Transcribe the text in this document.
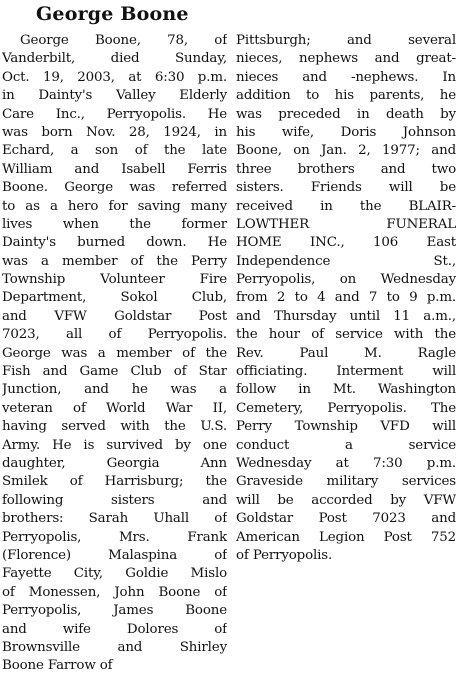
George Boone
George Boone, 78, of
Vanderbilt, died Sunday,
Oct. 19, 2003, at 6:30 p.m.
in Dainty's Valley Elderly
Care Inc., Perryopolis. He
was born Nov. 28, 1924, in
Echard, a son of the late
William and Isabell Ferris
Boone. George was referred
to as a hero for saving many
lives when the former
Dainty's burned down. He
was a member of the Perry
Township Volunteer Fire
Department, Sokol Club,
and VFW Goldstar Post
7023, all of Perryopolis.
George was a member of the
Fish and Game Club of Star
Junction, and he was a
veteran of World War II,
having served with the U.S.
Army. He is survived by one
daughter, Georgia Ann
Smilek of Harrisburg; the
following sisters and
brothers: Sarah Uhall of
Perryopolis, Mrs. Frank
(Florence) Malaspina of
Fayette City, Goldie Mislo
of Monessen, John Boone of
Perryopolis, James Boone
and wife Dolores of
Brownsville and Shirley
Boone Farrow of
Pittsburgh; and several
nieces, nephews and great-
nieces and -nephews. In
addition to his parents, he
was preceded in death by
his wife, Doris Johnson
Boone, on Jan. 2, 1977; and
three brothers and two
sisters. Friends will be
received in the BLAIR-
LOWTHER FUNERAL
HOME INC., 106 East
Independence St.,
Perryopolis, on Wednesday
from 2 to 4 and 7 to 9 p.m.
and Thursday until 11 a.m.,
the hour of service with the
Rev. Paul M. Ragle
officiating. Interment will
follow in Mt. Washington
Cemetery, Perryopolis. The
Perry Township VFD will
conduct a service
Wednesday at 7:30 p.m.
Graveside military services
will be accorded by VFW
Goldstar Post 7023 and
American Legion Post 752
of Perryopolis.
